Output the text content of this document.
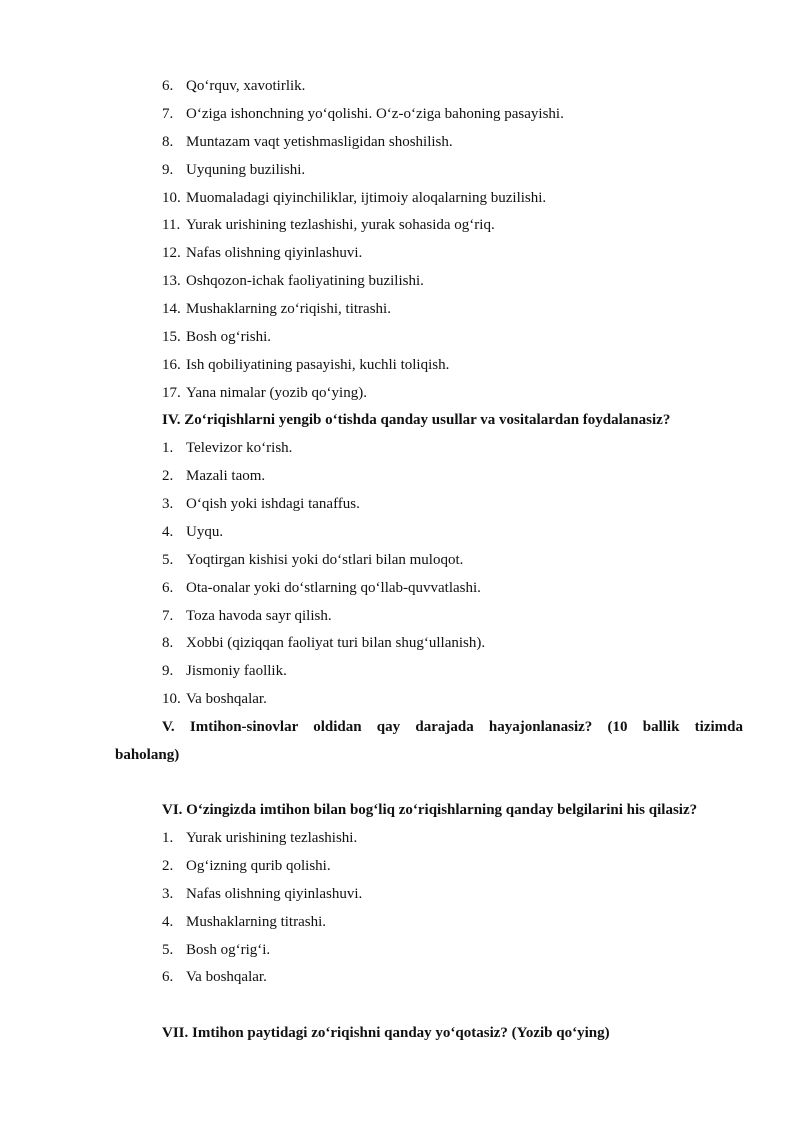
6. Qo‘rquv, xavotirlik.
7. O‘ziga ishonchning yo‘qolishi. O‘z-o‘ziga bahoning pasayishi.
8. Muntazam vaqt yetishmasligidan shoshilish.
9. Uyquning buzilishi.
10. Muomaladagi qiyinchiliklar, ijtimoiy aloqalarning buzilishi.
11. Yurak urishining tezlashishi, yurak sohasida og‘riq.
12. Nafas olishning qiyinlashuvi.
13. Oshqozon-ichak faoliyatining buzilishi.
14. Mushaklarning zo‘riqishi, titrashi.
15. Bosh og‘rishi.
16. Ish qobiliyatining pasayishi, kuchli toliqish.
17. Yana nimalar (yozib qo‘ying).
IV. Zo‘riqishlarni yengib o‘tishda qanday usullar va vositalardan foydalanasiz?
1. Televizor ko‘rish.
2. Mazali taom.
3. O‘qish yoki ishdagi tanaffus.
4. Uyqu.
5. Yoqtirgan kishisi yoki do‘stlari bilan muloqot.
6. Ota-onalar yoki do‘stlarning qo‘llab-quvvatlashi.
7. Toza havoda sayr qilish.
8. Xobbi (qiziqqan faoliyat turi bilan shug‘ullanish).
9. Jismoniy faollik.
10. Va boshqalar.
V. Imtihon-sinovlar oldidan qay darajada hayajonlanasiz? (10 ballik tizimda
baholang)
VI. O‘zingizda imtihon bilan bog‘liq zo‘riqishlarning qanday belgilarini his qilasiz?
1. Yurak urishining tezlashishi.
2. Og‘izning qurib qolishi.
3. Nafas olishning qiyinlashuvi.
4. Mushaklarning titrashi.
5. Bosh og‘rig‘i.
6. Va boshqalar.
VII. Imtihon paytidagi zo‘riqishni qanday yo‘qotasiz? (Yozib qo‘ying)
